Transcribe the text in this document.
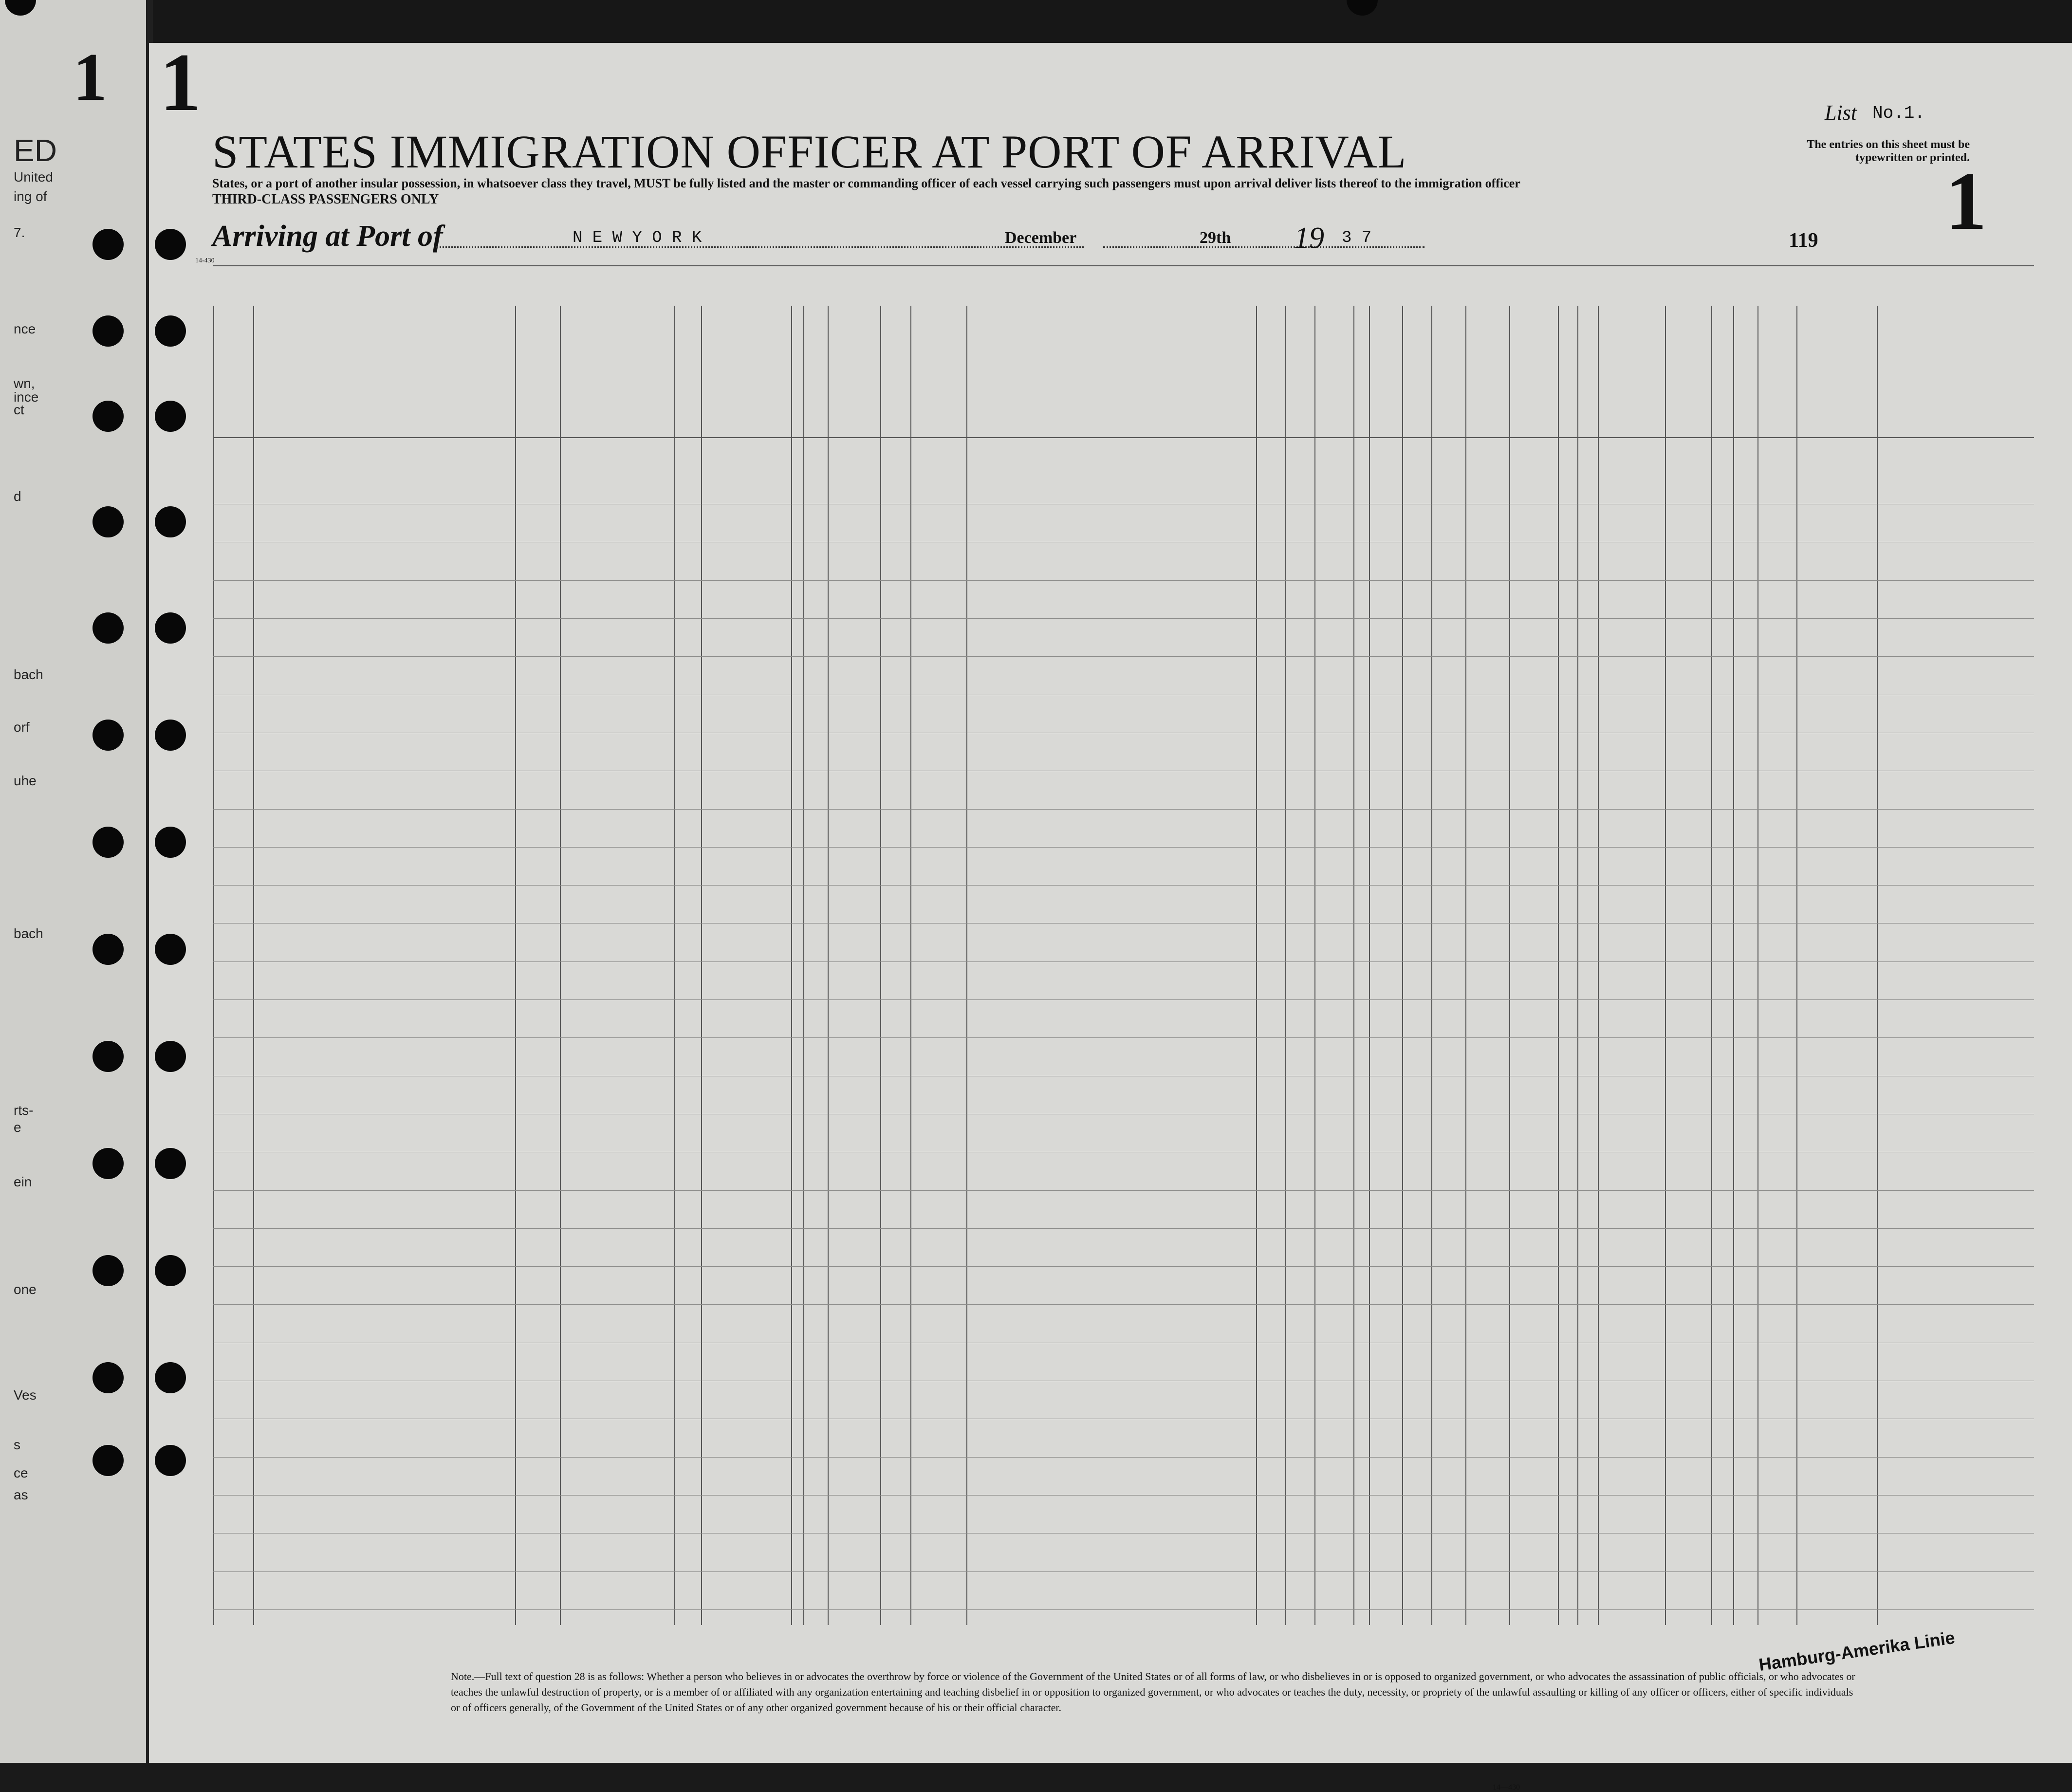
1
ED
United
ing of
7.
nce
wn,
ince
ct
d
bach
orf
uhe
bach
rts-
e
ein
one
Ves
s
ce
as
1
1
STATES IMMIGRATION OFFICER AT PORT OF ARRIVAL
List No.1.
The entries on this sheet must be typewritten or printed.
States, or a port of another insular possession, in whatsoever class they travel, MUST be fully listed and the master or commanding officer of each vessel carrying such passengers must upon arrival deliver lists thereof to the immigration officer
THIRD-CLASS PASSENGERS ONLY
Arriving at Port of	N E W Y O R K	December	29th 19 3 7	119
14-430
Note.—Full text of question 28 is as follows: Whether a person who believes in or advocates the overthrow by force or violence of the Government of the United States or of all forms of law, or who disbelieves in or is opposed to organized government, or who advocates the assassination of public officials, or who advocates or teaches the unlawful destruction of property, or is a member of or affiliated with any organization entertaining and teaching disbelief in or opposition to organized government, or who advocates or teaches the duty, necessity, or propriety of the unlawful assaulting or killing of any officer or officers, either of specific individuals or of officers generally, of the Government of the United States or of any other organized government because of his or their official character.
14—430
Hamburg-Amerika Linie
